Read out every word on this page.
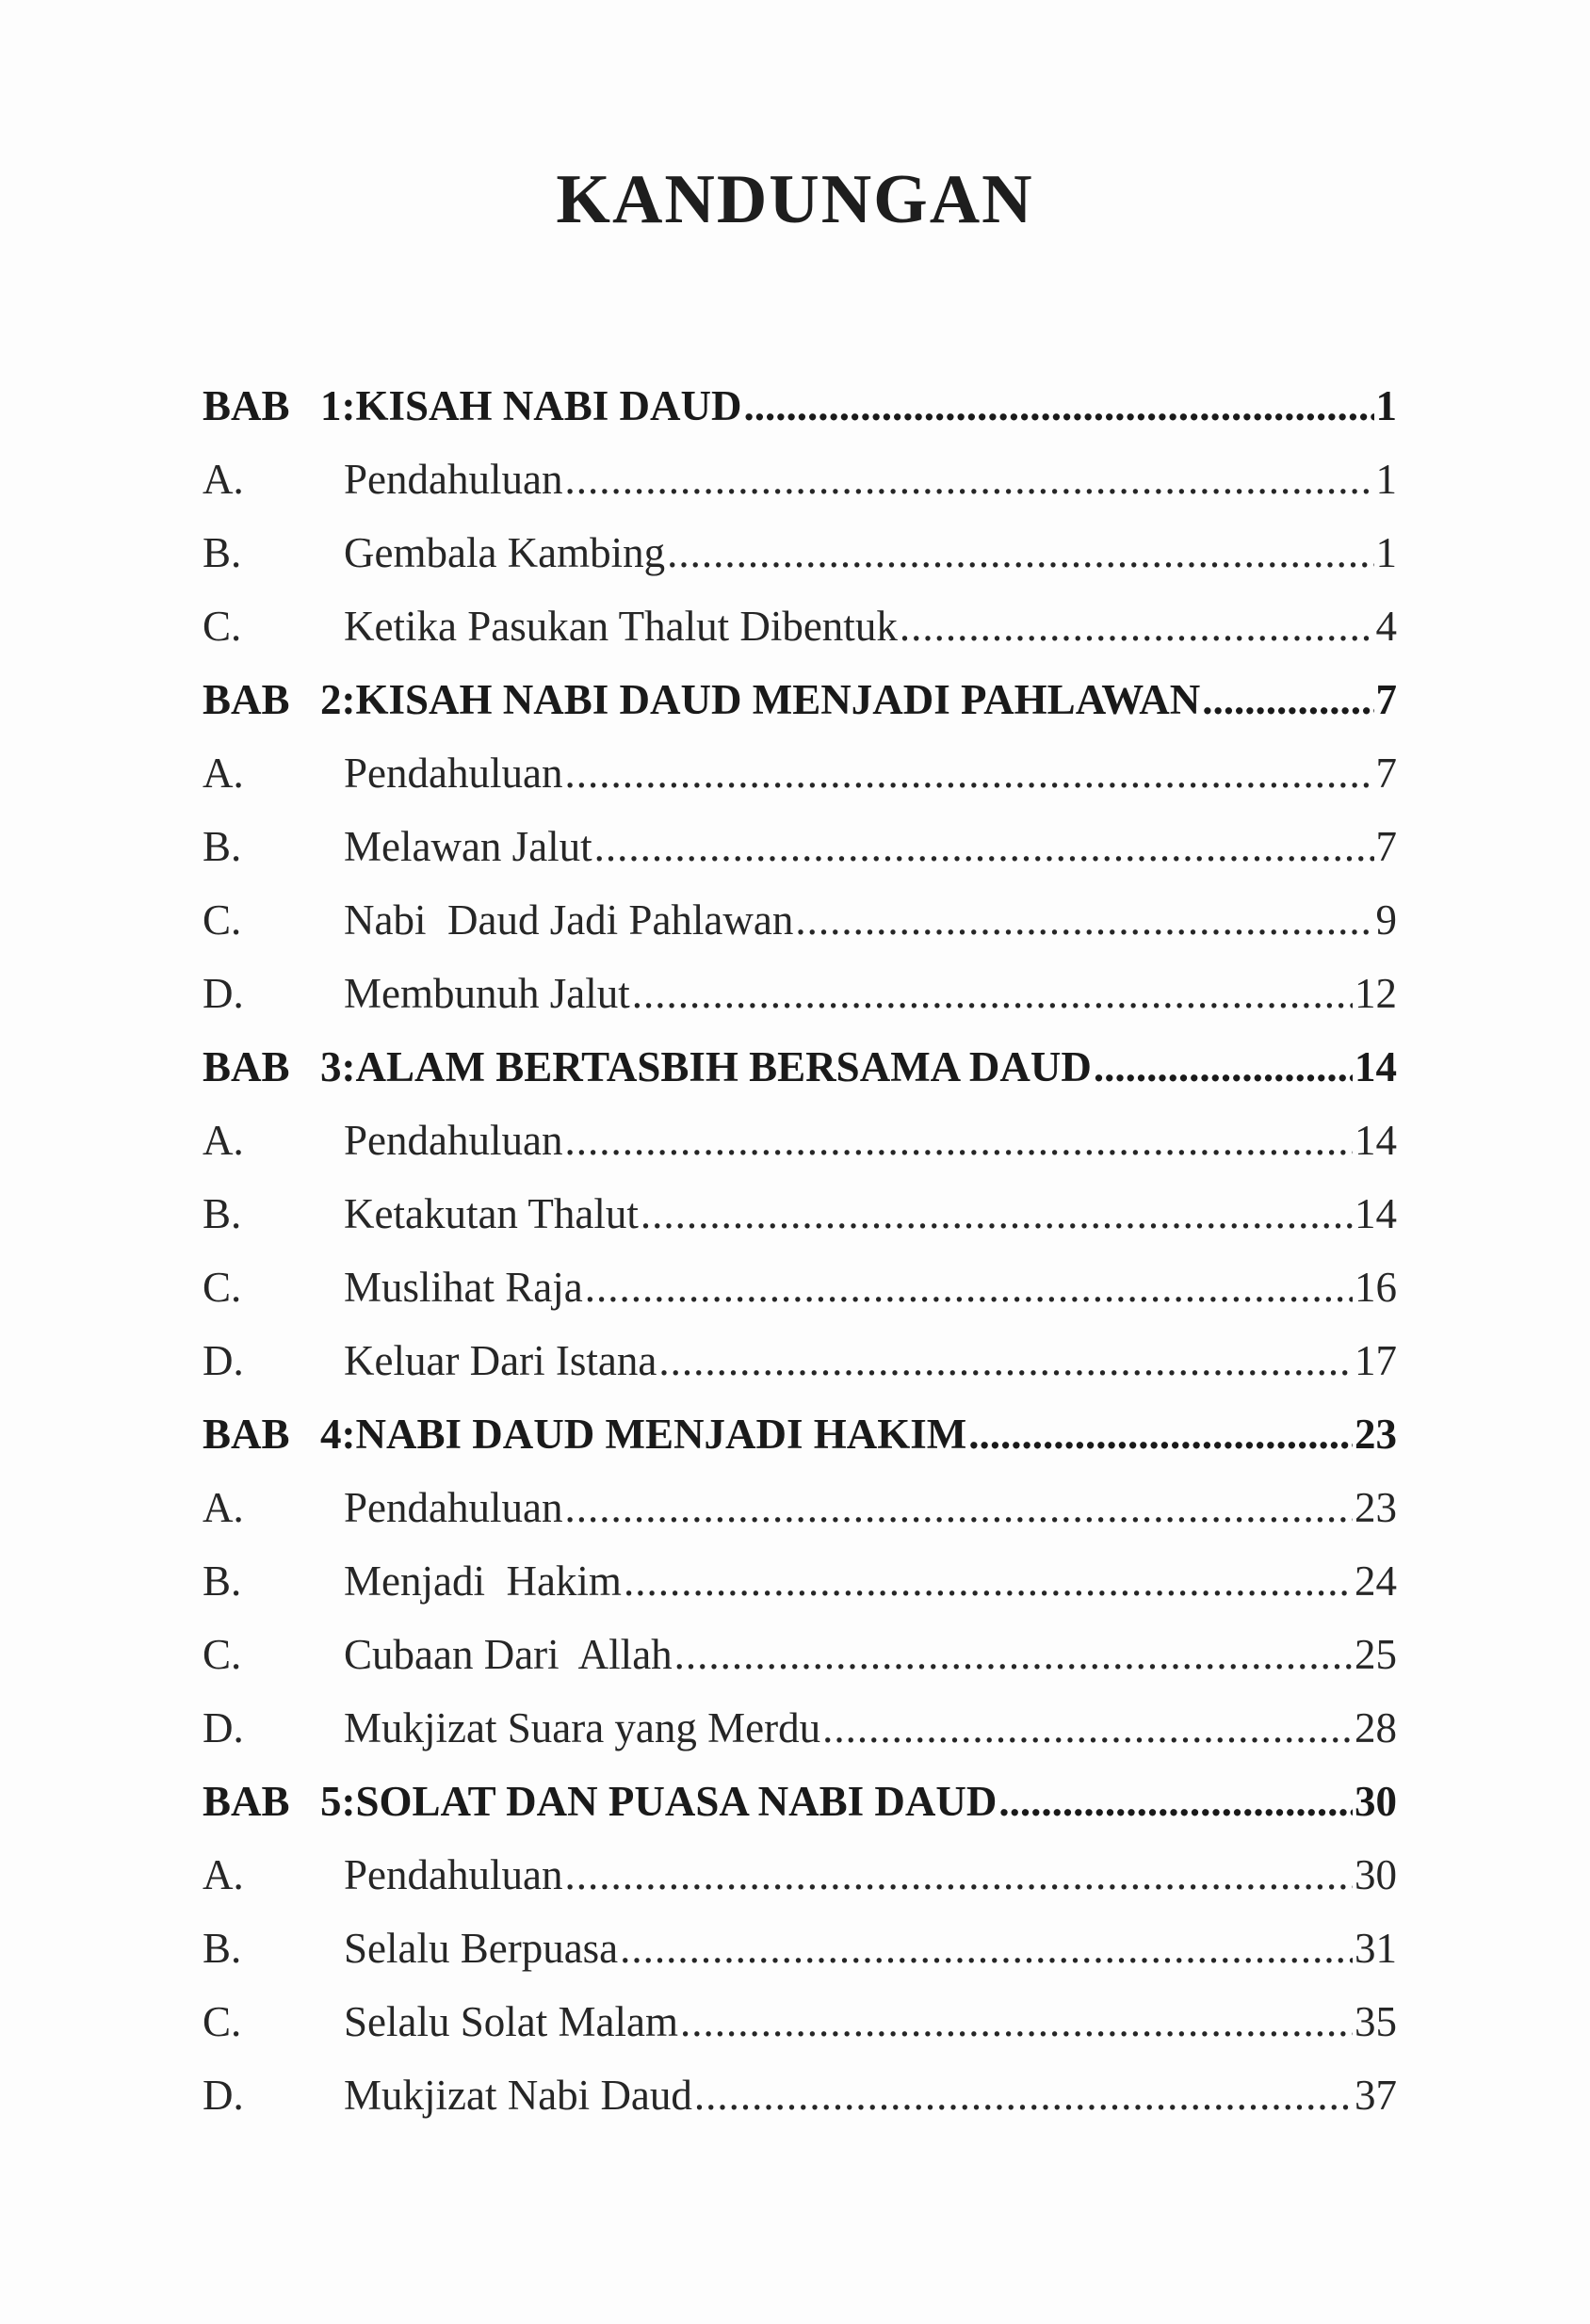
KANDUNGAN
BAB 1:KISAH NABI DAUD .....	1
A.	Pendahuluan .....	1
B.	Gembala Kambing .....	1
C.	Ketika Pasukan Thalut Dibentuk .....	4
BAB 2:KISAH NABI DAUD MENJADI PAHLAWAN .....	7
A.	Pendahuluan .....	7
B.	Melawan Jalut .....	7
C.	Nabi  Daud Jadi Pahlawan .....	9
D.	Membunuh Jalut .....	12
BAB 3:ALAM BERTASBIH BERSAMA DAUD .....	14
A.	Pendahuluan .....	14
B.	Ketakutan Thalut .....	14
C.	Muslihat Raja .....	16
D.	Keluar Dari Istana .....	17
BAB 4:NABI DAUD MENJADI HAKIM .....	23
A.	Pendahuluan .....	23
B.	Menjadi  Hakim .....	24
C.	Cubaan Dari  Allah .....	25
D.	Mukjizat Suara yang Merdu .....	28
BAB 5:SOLAT DAN PUASA NABI DAUD .....	30
A.	Pendahuluan .....	30
B.	Selalu Berpuasa .....	31
C.	Selalu Solat Malam .....	35
D.	Mukjizat Nabi Daud .....	37
